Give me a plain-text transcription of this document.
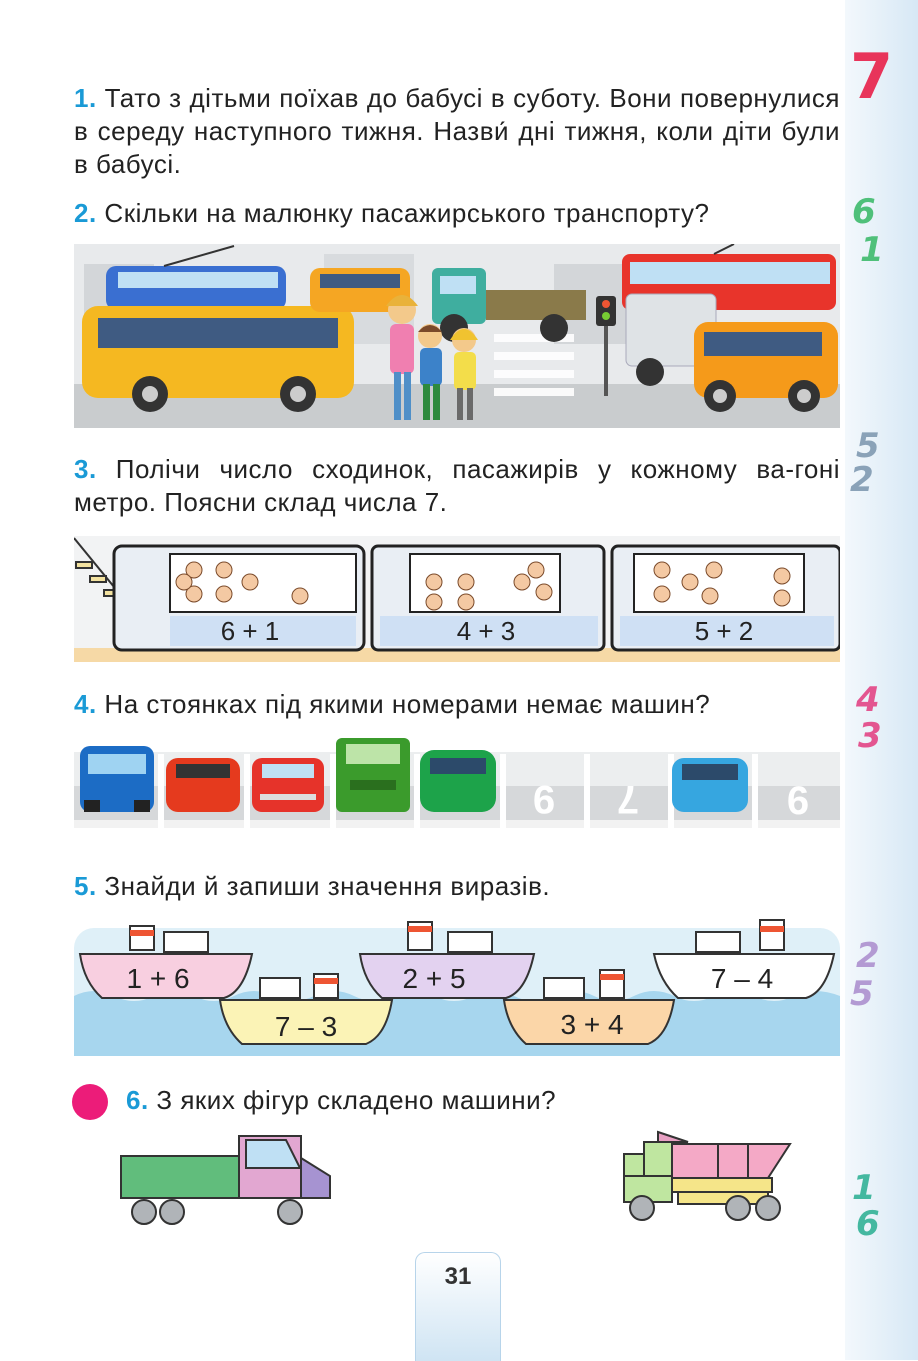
7
6
1
5
2
4
3
2
5
1
6
1. Тато з дітьми поїхав до бабусі в суботу. Вони повернулися в середу наступного тижня. Назви́ дні тижня, коли діти були в бабусі.
2. Скільки на малюнку пасажирського транспорту?
3. Полічи число сходинок, пасажирів у кожному ва-гоні метро. Поясни склад числа 7.
6 + 1	4 + 3	5 + 2
4. На стоянках під якими номерами немає машин?
9 7	6
5. Знайди й запиши значення виразів.
1 + 6
7 – 3
2 + 5
3 + 4
7 – 4
6. З яких фігур складено машини?
31
